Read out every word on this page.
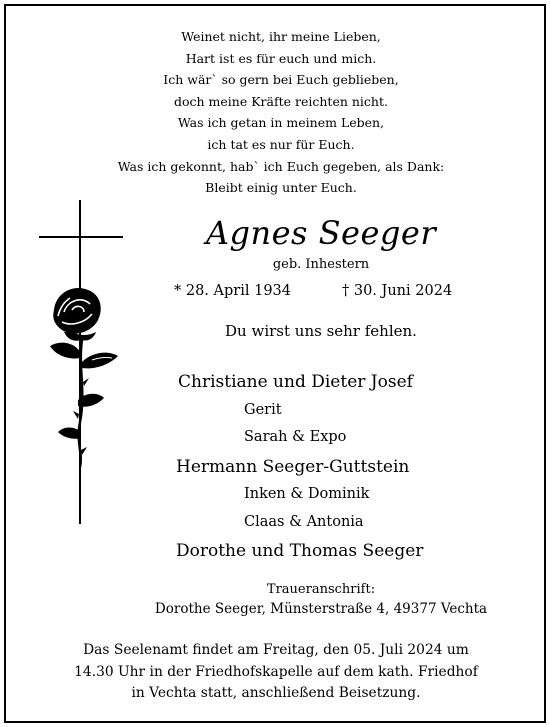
Weinet nicht, ihr meine Lieben,
Hart ist es für euch und mich.
Ich wär` so gern bei Euch geblieben,
doch meine Kräfte reichten nicht.
Was ich getan in meinem Leben,
ich tat es nur für Euch.
Was ich gekonnt, hab` ich Euch gegeben, als Dank:
Bleibt einig unter Euch.
Agnes Seeger
geb. Inhestern
* 28. April 1934	† 30. Juni 2024
Du wirst uns sehr fehlen.
Christiane und Dieter Josef
Gerit
Sarah & Expo
Hermann Seeger-Guttstein
Inken & Dominik
Claas & Antonia
Dorothe und Thomas Seeger
Traueranschrift:
Dorothe Seeger, Münsterstraße 4, 49377 Vechta
Das Seelenamt findet am Freitag, den 05. Juli 2024 um
14.30 Uhr in der Friedhofskapelle auf dem kath. Friedhof
in Vechta statt, anschließend Beisetzung.
